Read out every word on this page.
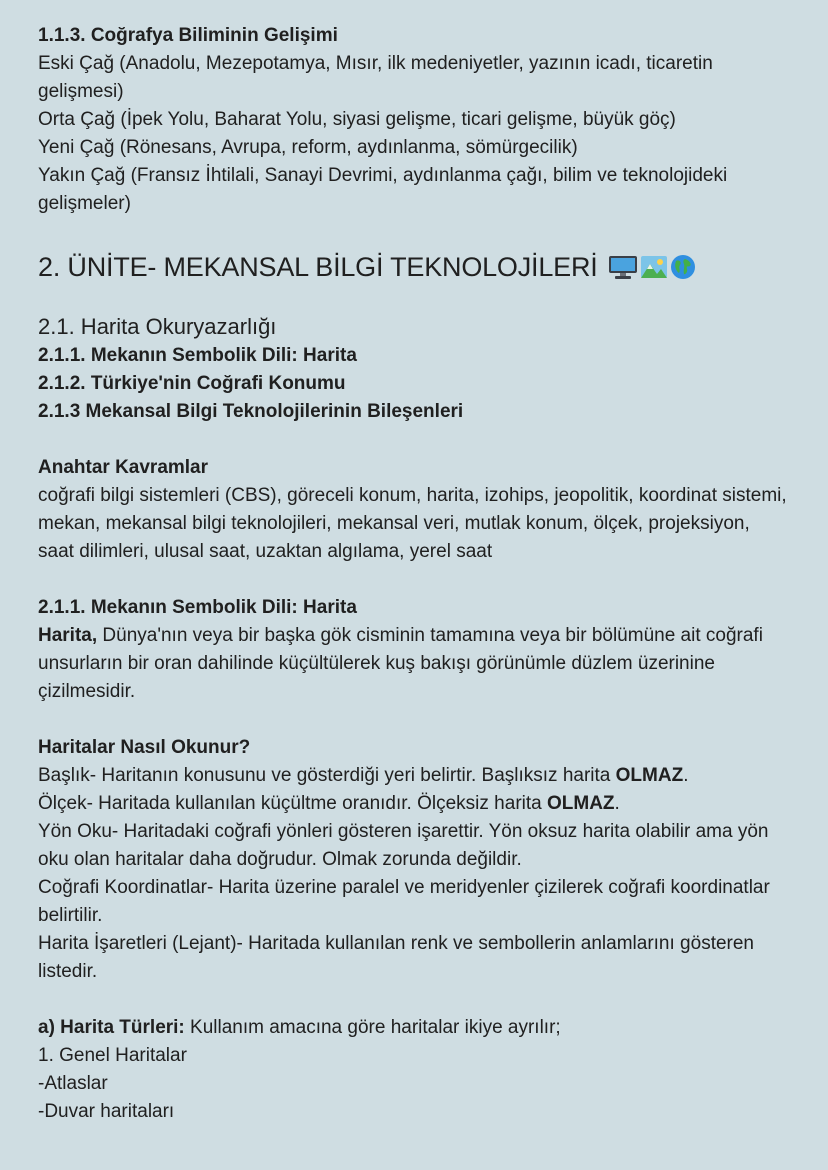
1.1.3. Coğrafya Biliminin Gelişimi

Eski Çağ (Anadolu, Mezepotamya, Mısır, ilk medeniyetler, yazının icadı, ticaretin gelişmesi)

Orta Çağ (İpek Yolu, Baharat Yolu, siyasi gelişme, ticari gelişme, büyük göç)

Yeni Çağ (Rönesans, Avrupa, reform, aydınlanma, sömürgecilik)

Yakın Çağ (Fransız İhtilali, Sanayi Devrimi, aydınlanma çağı, bilim ve teknolojideki gelişmeler)

2. ÜNİTE- MEKANSAL BİLGİ TEKNOLOJİLERİ
2.1. Harita Okuryazarlığı

2.1.1. Mekanın Sembolik Dili: Harita

2.1.2. Türkiye'nin Coğrafi Konumu

2.1.3 Mekansal Bilgi Teknolojilerinin Bileşenleri

Anahtar Kavramlar

coğrafi bilgi sistemleri (CBS), göreceli konum, harita, izohips, jeopolitik, koordinat sistemi, mekan, mekansal bilgi teknolojileri, mekansal veri, mutlak konum, ölçek, projeksiyon, saat dilimleri, ulusal saat, uzaktan algılama, yerel saat

2.1.1. Mekanın Sembolik Dili: Harita

Harita, Dünya'nın veya bir başka gök cisminin tamamına veya bir bölümüne ait coğrafi unsurların bir oran dahilinde küçültülerek kuş bakışı görünümle düzlem üzerinine çizilmesidir.

Haritalar Nasıl Okunur?

Başlık- Haritanın konusunu ve gösterdiği yeri belirtir. Başlıksız harita OLMAZ.

Ölçek- Haritada kullanılan küçültme oranıdır. Ölçeksiz harita OLMAZ.

Yön Oku- Haritadaki coğrafi yönleri gösteren işarettir. Yön oksuz harita olabilir ama yön oku olan haritalar daha doğrudur. Olmak zorunda değildir.

Coğrafi Koordinatlar- Harita üzerine paralel ve meridyenler çizilerek coğrafi koordinatlar belirtilir.

Harita İşaretleri (Lejant)- Haritada kullanılan renk ve sembollerin anlamlarını gösteren listedir.

a) Harita Türleri: Kullanım amacına göre haritalar ikiye ayrılır;

1. Genel Haritalar

-Atlaslar

-Duvar haritaları
